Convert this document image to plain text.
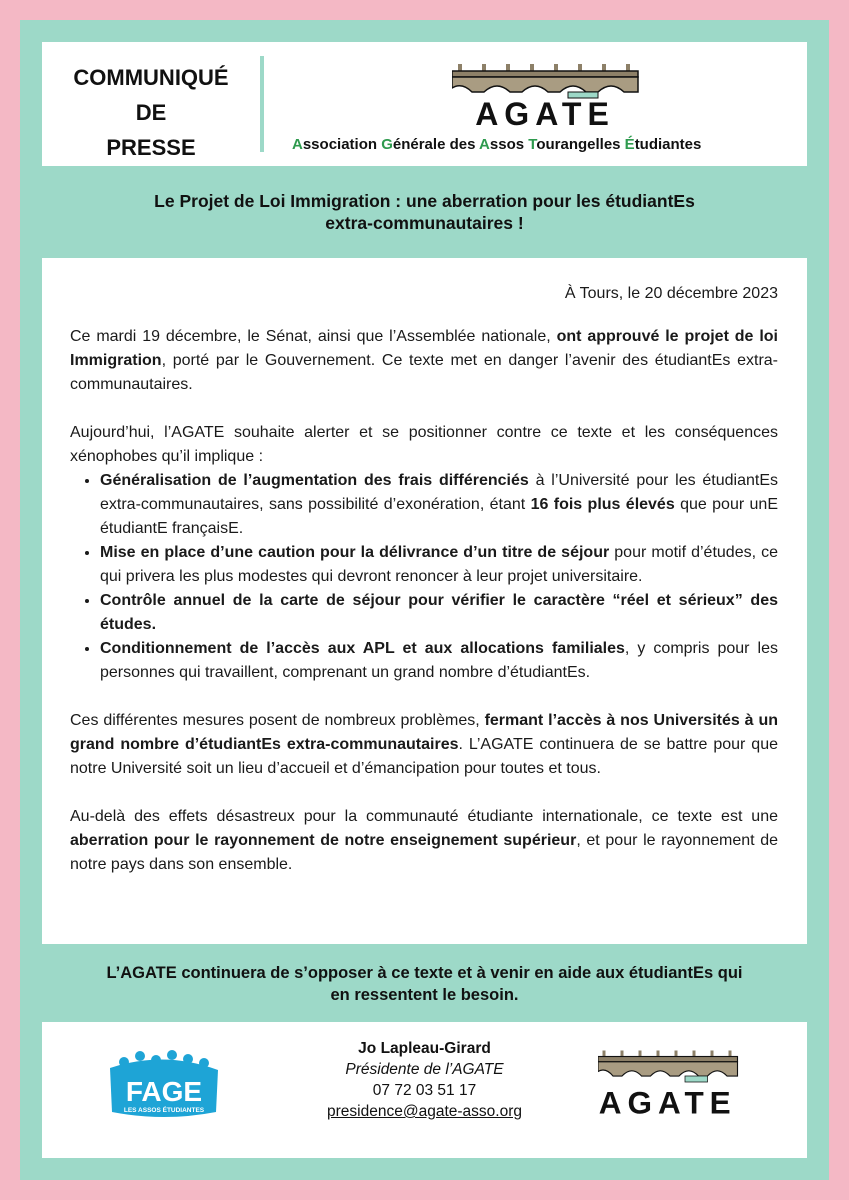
COMMUNIQUÉ
DE
PRESSE
AGATE
Association Générale des Assos Tourangelles Étudiantes
Le Projet de Loi Immigration : une aberration pour les étudiantEs
extra-communautaires !
À Tours, le 20 décembre 2023

Ce mardi 19 décembre, le Sénat, ainsi que l’Assemblée nationale, ont approuvé le projet de loi Immigration, porté par le Gouvernement. Ce texte met en danger l’avenir des étudiantEs extra-communautaires.

Aujourd’hui, l’AGATE souhaite alerter et se positionner contre ce texte et les conséquences xénophobes qu’il implique :

• Généralisation de l’augmentation des frais différenciés à l’Université pour les étudiantEs extra-communautaires, sans possibilité d’exonération, étant 16 fois plus élevés que pour unE étudiantE françaisE.
• Mise en place d’une caution pour la délivrance d’un titre de séjour pour motif d’études, ce qui privera les plus modestes qui devront renoncer à leur projet universitaire.
• Contrôle annuel de la carte de séjour pour vérifier le caractère “réel et sérieux” des études.
• Conditionnement de l’accès aux APL et aux allocations familiales, y compris pour les personnes qui travaillent, comprenant un grand nombre d’étudiantEs.

Ces différentes mesures posent de nombreux problèmes, fermant l’accès à nos Universités à un grand nombre d’étudiantEs extra-communautaires. L’AGATE continuera de se battre pour que notre Université soit un lieu d’accueil et d’émancipation pour toutes et tous.

Au-delà des effets désastreux pour la communauté étudiante internationale, ce texte est une aberration pour le rayonnement de notre enseignement supérieur, et pour le rayonnement de notre pays dans son ensemble.

L’AGATE continuera de s’opposer à ce texte et à venir en aide aux étudiantEs qui
en ressentent le besoin.
FAGE
LES ASSOS ÉTUDIANTES
Jo Lapleau-Girard
Présidente de l’AGATE
07 72 03 51 17
presidence@agate-asso.org	AGATE
